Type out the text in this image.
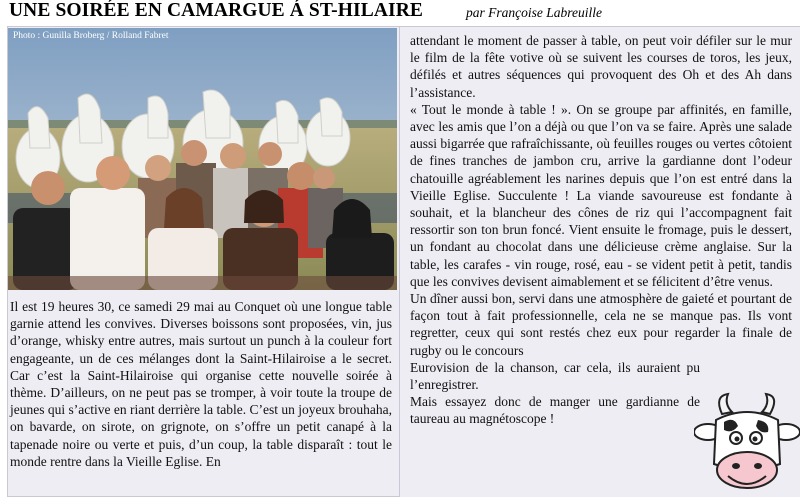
UNE SOIRÉE EN CAMARGUE Á ST-HILAIRE	par Françoise Labreuille
Photo : Gunilla Broberg / Rolland Fabret

Il est 19 heures 30, ce samedi 29 mai au Conquet où une longue table garnie attend les convives. Diverses boissons sont proposées, vin, jus d’orange, whisky entre autres, mais surtout un punch à la couleur fort engageante, un de ces mélanges dont la Saint-Hilairoise a le secret. Car c’est la Saint-Hilairoise qui organise cette nouvelle soirée à thème. D’ailleurs, on ne peut pas se tromper, à voir toute la troupe de jeunes qui s’active en riant derrière la table. C’est un joyeux brouhaha, on bavarde, on sirote, on grignote, on s’offre un petit canapé à la tapenade noire ou verte et puis, d’un coup, la table disparaît : tout le monde rentre dans la Vieille Eglise. En

attendant le moment de passer à table, on peut voir défiler sur le mur le film de la fête votive où se suivent les courses de toros, les jeux, défilés et autres séquences qui provoquent des Oh et des Ah dans l’assistance.

« Tout le monde à table ! ». On se groupe par affinités, en famille, avec les amis que l’on a déjà ou que l’on va se faire. Après une salade aussi bigarrée que rafraîchissante, où feuilles rouges ou vertes côtoient de fines tranches de jambon cru, arrive la gardianne dont l’odeur chatouille agréablement les narines depuis que l’on est entré dans la Vieille Eglise. Succulente ! La viande savoureuse est fondante à souhait, et la blancheur des cônes de riz qui l’accompagnent fait ressortir son ton brun foncé. Vient ensuite le fromage, puis le dessert, un fondant au chocolat dans une délicieuse crème anglaise. Sur la table, les carafes - vin rouge, rosé, eau - se vident petit à petit, tandis que les convives devisent aimablement et se félicitent d’être venus.

Un dîner aussi bon, servi dans une atmosphère de gaieté et pourtant de façon tout à fait professionnelle, cela ne se manque pas. Ils vont regretter, ceux qui sont restés chez eux pour regarder la finale de rugby ou le concours

Eurovision de la chanson, car cela, ils auraient pu l’enregistrer.

Mais essayez donc de manger une gardianne de taureau au magnétoscope !
